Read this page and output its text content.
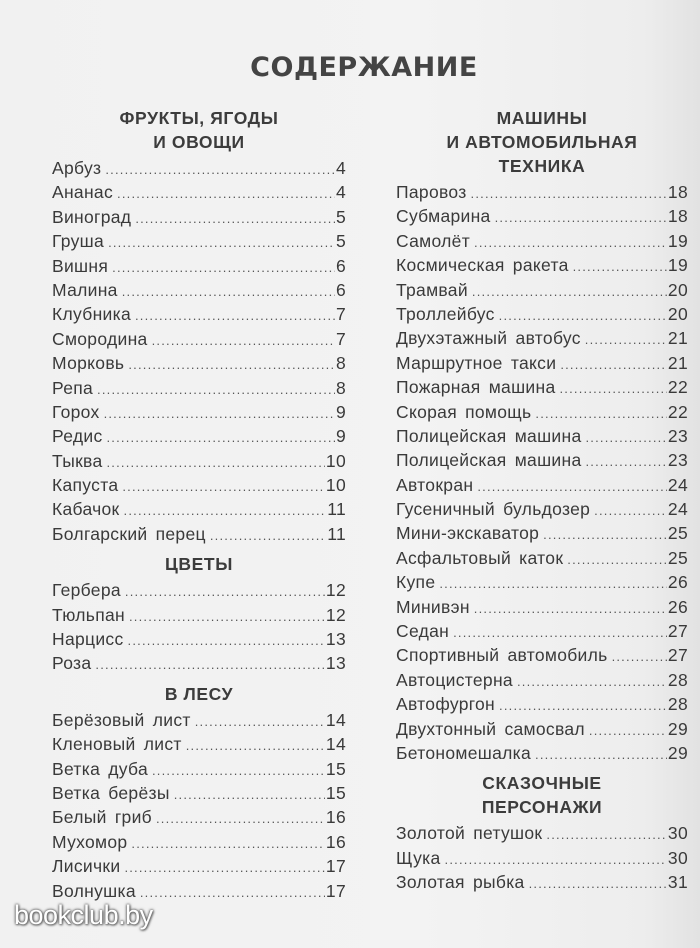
СОДЕРЖАНИЕ
ФРУКТЫ, ЯГОДЫ
И ОВОЩИ
Арбуз .....	4
Ананас .....	4
Виноград .....	5
Груша .....	5
Вишня .....	6
Малина .....	6
Клубника .....	7
Смородина .....	7
Морковь .....	8
Репа .....	8
Горох .....	9
Редис .....	9
Тыква .....	10
Капуста .....	10
Кабачок .....	11
Болгарский перец .....	11
ЦВЕТЫ
Гербера .....	12
Тюльпан .....	12
Нарцисс .....	13
Роза .....	13
В ЛЕСУ
Берёзовый лист .....	14
Кленовый лист .....	14
Ветка дуба .....	15
Ветка берёзы .....	15
Белый гриб .....	16
Мухомор .....	16
Лисички .....	17
Волнушка .....	17
МАШИНЫ
И АВТОМОБИЛЬНАЯ
ТЕХНИКА
Паровоз .....	18
Субмарина .....	18
Самолёт .....	19
Космическая ракета .....	19
Трамвай .....	20
Троллейбус .....	20
Двухэтажный автобус .....	21
Маршрутное такси .....	21
Пожарная машина .....	22
Скорая помощь .....	22
Полицейская машина .....	23
Полицейская машина .....	23
Автокран .....	24
Гусеничный бульдозер .....	24
Мини-экскаватор .....	25
Асфальтовый каток .....	25
Купе .....	26
Минивэн .....	26
Седан .....	27
Спортивный автомобиль .....	27
Автоцистерна .....	28
Автофургон .....	28
Двухтонный самосвал .....	29
Бетономешалка .....	29
СКАЗОЧНЫЕ
ПЕРСОНАЖИ
Золотой петушок .....	30
Щука .....	30
Золотая рыбка .....	31
bookclub.by
